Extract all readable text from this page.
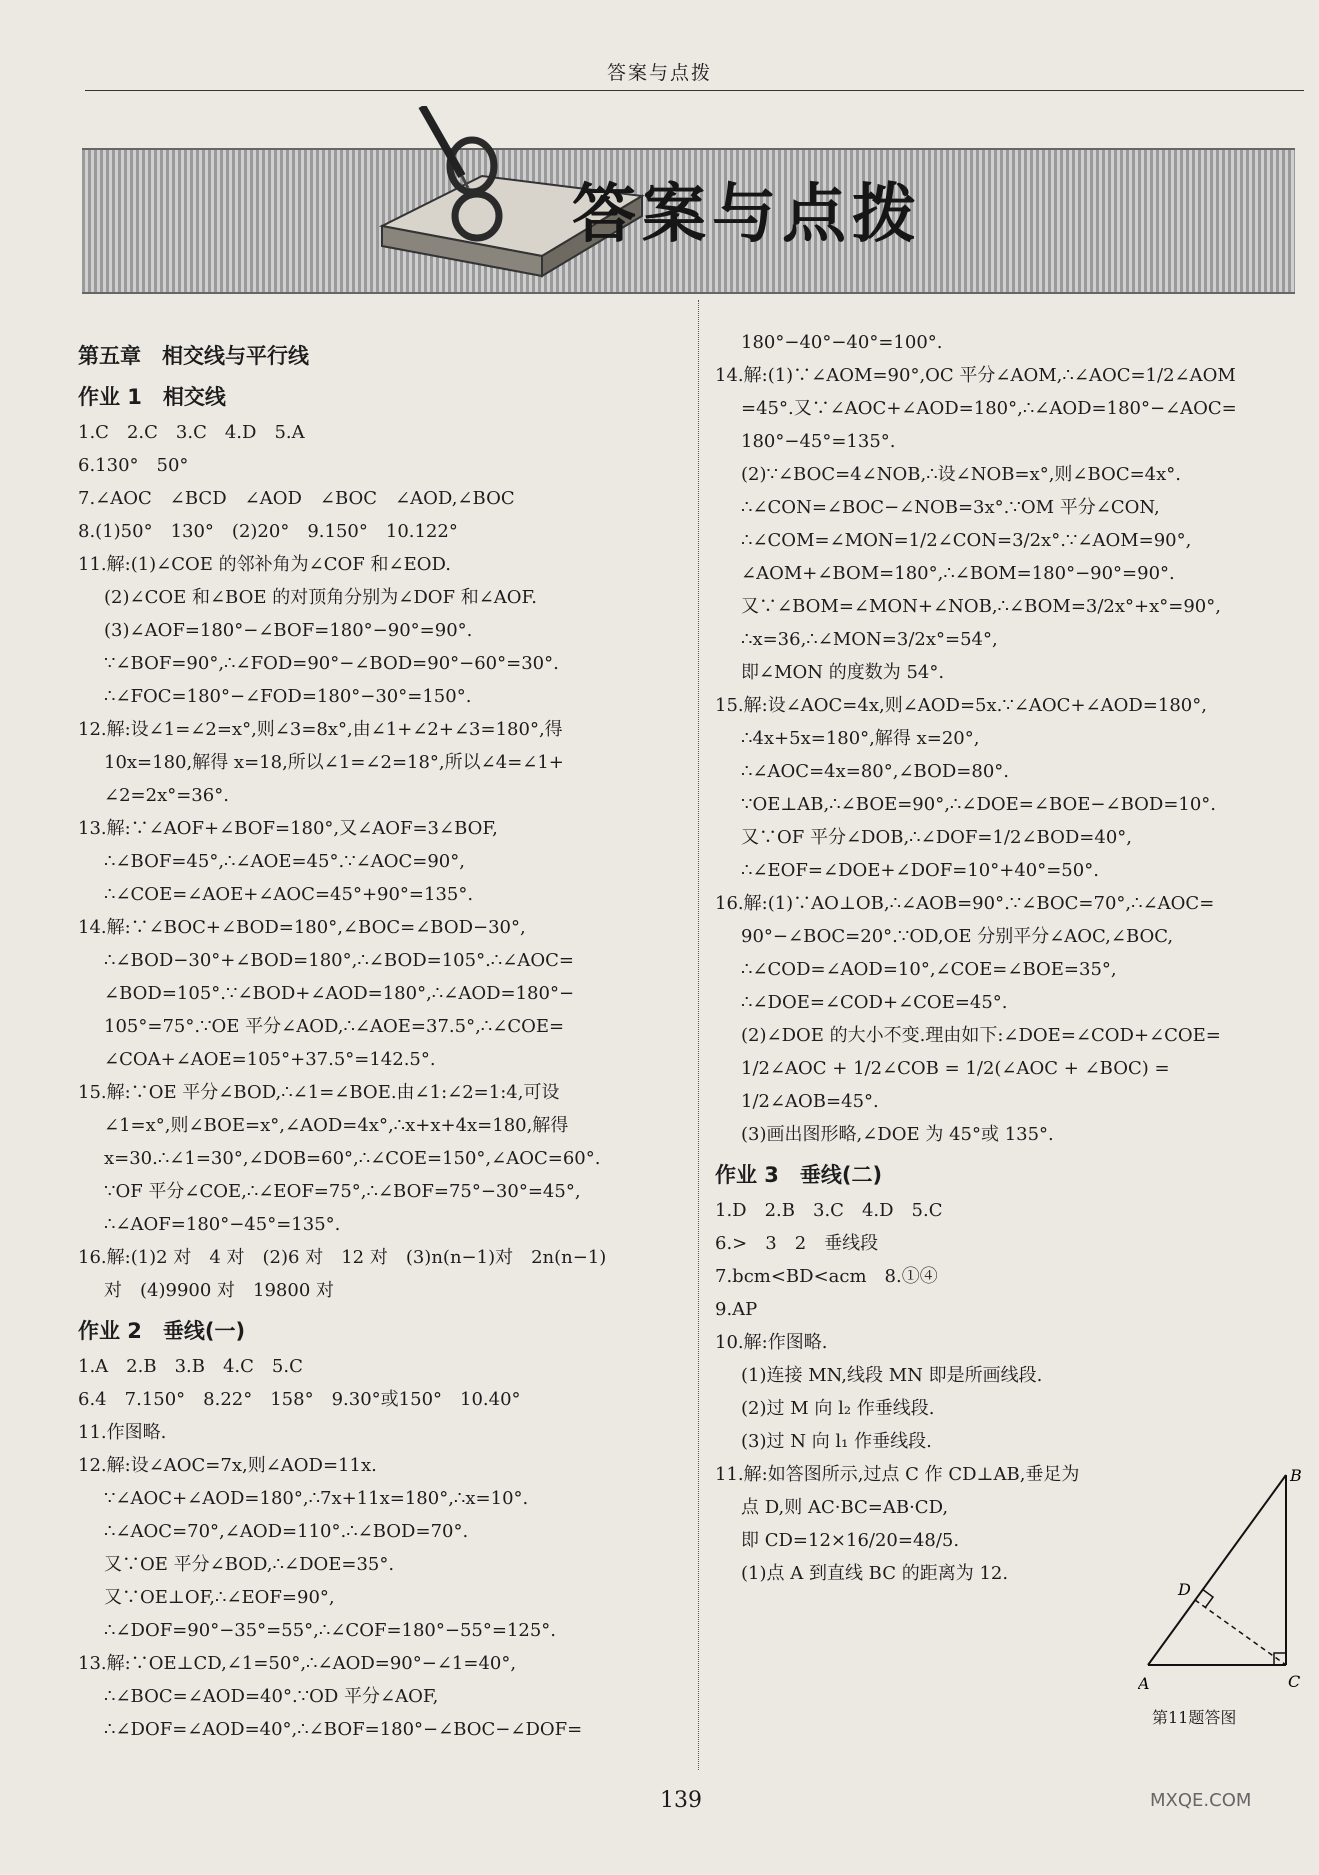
答案与点拨
答案与点拨
第五章　相交线与平行线
作业 1　相交线
1.C　2.C　3.C　4.D　5.A
6.130°　50°
7.∠AOC　∠BCD　∠AOD　∠BOC　∠AOD,∠BOC
8.(1)50°　130°　(2)20°　9.150°　10.122°
11.解:(1)∠COE 的邻补角为∠COF 和∠EOD.
(2)∠COE 和∠BOE 的对顶角分别为∠DOF 和∠AOF.
(3)∠AOF=180°−∠BOF=180°−90°=90°.
∵∠BOF=90°,∴∠FOD=90°−∠BOD=90°−60°=30°.
∴∠FOC=180°−∠FOD=180°−30°=150°.
12.解:设∠1=∠2=x°,则∠3=8x°,由∠1+∠2+∠3=180°,得
10x=180,解得 x=18,所以∠1=∠2=18°,所以∠4=∠1+
∠2=2x°=36°.
13.解:∵∠AOF+∠BOF=180°,又∠AOF=3∠BOF,
∴∠BOF=45°,∴∠AOE=45°.∵∠AOC=90°,
∴∠COE=∠AOE+∠AOC=45°+90°=135°.
14.解:∵∠BOC+∠BOD=180°,∠BOC=∠BOD−30°,
∴∠BOD−30°+∠BOD=180°,∴∠BOD=105°.∴∠AOC=
∠BOD=105°.∵∠BOD+∠AOD=180°,∴∠AOD=180°−
105°=75°.∵OE 平分∠AOD,∴∠AOE=37.5°,∴∠COE=
∠COA+∠AOE=105°+37.5°=142.5°.
15.解:∵OE 平分∠BOD,∴∠1=∠BOE.由∠1:∠2=1:4,可设
∠1=x°,则∠BOE=x°,∠AOD=4x°,∴x+x+4x=180,解得
x=30.∴∠1=30°,∠DOB=60°,∴∠COE=150°,∠AOC=60°.
∵OF 平分∠COE,∴∠EOF=75°,∴∠BOF=75°−30°=45°,
∴∠AOF=180°−45°=135°.
16.解:(1)2 对　4 对　(2)6 对　12 对　(3)n(n−1)对　2n(n−1)
对　(4)9900 对　19800 对
作业 2　垂线(一)
1.A　2.B　3.B　4.C　5.C
6.4　7.150°　8.22°　158°　9.30°或150°　10.40°
11.作图略.
12.解:设∠AOC=7x,则∠AOD=11x.
∵∠AOC+∠AOD=180°,∴7x+11x=180°,∴x=10°.
∴∠AOC=70°,∠AOD=110°.∴∠BOD=70°.
又∵OE 平分∠BOD,∴∠DOE=35°.
又∵OE⊥OF,∴∠EOF=90°,
∴∠DOF=90°−35°=55°,∴∠COF=180°−55°=125°.
13.解:∵OE⊥CD,∠1=50°,∴∠AOD=90°−∠1=40°,
∴∠BOC=∠AOD=40°.∵OD 平分∠AOF,
∴∠DOF=∠AOD=40°,∴∠BOF=180°−∠BOC−∠DOF=
180°−40°−40°=100°.
14.解:(1)∵∠AOM=90°,OC 平分∠AOM,∴∠AOC=1/2∠AOM
=45°.又∵∠AOC+∠AOD=180°,∴∠AOD=180°−∠AOC=
180°−45°=135°.
(2)∵∠BOC=4∠NOB,∴设∠NOB=x°,则∠BOC=4x°.
∴∠CON=∠BOC−∠NOB=3x°.∵OM 平分∠CON,
∴∠COM=∠MON=1/2∠CON=3/2x°.∵∠AOM=90°,
∠AOM+∠BOM=180°,∴∠BOM=180°−90°=90°.
又∵∠BOM=∠MON+∠NOB,∴∠BOM=3/2x°+x°=90°,
∴x=36,∴∠MON=3/2x°=54°,
即∠MON 的度数为 54°.
15.解:设∠AOC=4x,则∠AOD=5x.∵∠AOC+∠AOD=180°,
∴4x+5x=180°,解得 x=20°,
∴∠AOC=4x=80°,∠BOD=80°.
∵OE⊥AB,∴∠BOE=90°,∴∠DOE=∠BOE−∠BOD=10°.
又∵OF 平分∠DOB,∴∠DOF=1/2∠BOD=40°,
∴∠EOF=∠DOE+∠DOF=10°+40°=50°.
16.解:(1)∵AO⊥OB,∴∠AOB=90°.∵∠BOC=70°,∴∠AOC=
90°−∠BOC=20°.∵OD,OE 分别平分∠AOC,∠BOC,
∴∠COD=∠AOD=10°,∠COE=∠BOE=35°,
∴∠DOE=∠COD+∠COE=45°.
(2)∠DOE 的大小不变.理由如下:∠DOE=∠COD+∠COE=
1/2∠AOC + 1/2∠COB = 1/2(∠AOC + ∠BOC) =
1/2∠AOB=45°.
(3)画出图形略,∠DOE 为 45°或 135°.
作业 3　垂线(二)
1.D　2.B　3.C　4.D　5.C
6.>　3　2　垂线段
7.bcm<BD<acm　8.①④
9.AP
10.解:作图略.
(1)连接 MN,线段 MN 即是所画线段.
(2)过 M 向 l₂ 作垂线段.
(3)过 N 向 l₁ 作垂线段.
11.解:如答图所示,过点 C 作 CD⊥AB,垂足为
点 D,则 AC·BC=AB·CD,
即 CD=12×16/20=48/5.
(1)点 A 到直线 BC 的距离为 12.
A
B
C
D
第11题答图
139	MXQE.COM
